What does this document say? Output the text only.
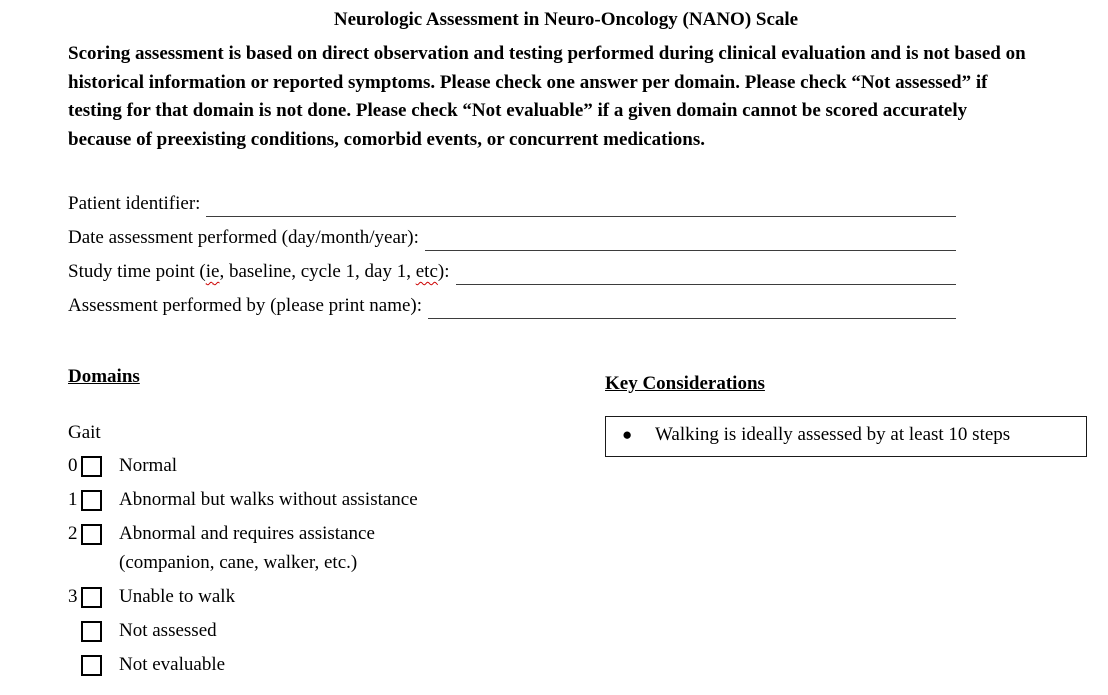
Neurologic Assessment in Neuro-Oncology (NANO) Scale

Scoring assessment is based on direct observation and testing performed during clinical evaluation and is not based on historical information or reported symptoms. Please check one answer per domain. Please check “Not assessed” if testing for that domain is not done. Please check “Not evaluable” if a given domain cannot be scored accurately because of preexisting conditions, comorbid events, or concurrent medications.

Patient identifier:
Date assessment performed (day/month/year):
Study time point (ie, baseline, cycle 1, day 1, etc):
Assessment performed by (please print name):
Domains
Gait
0 Normal
1 Abnormal but walks without assistance
2 Abnormal and requires assistance
(companion, cane, walker, etc.)
3 Unable to walk
Not assessed
Not evaluable
Key Considerations
●	Walking is ideally assessed by at least 10 steps
